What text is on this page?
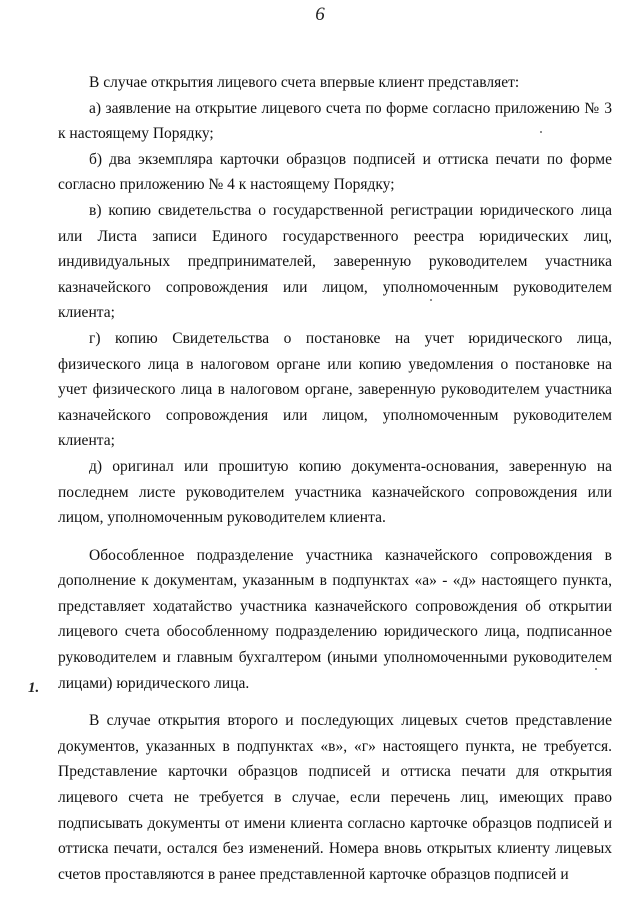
6

В случае открытия лицевого счета впервые клиент представляет:

а) заявление на открытие лицевого счета по форме согласно приложению № 3 к настоящему Порядку;

б) два экземпляра карточки образцов подписей и оттиска печати по форме согласно приложению № 4 к настоящему Порядку;

в) копию свидетельства о государственной регистрации юридического лица или Листа записи Единого государственного реестра юридических лиц, индивидуальных предпринимателей, заверенную руководителем участника казначейского сопровождения или лицом, уполномоченным руководителем клиента;

г) копию Свидетельства о постановке на учет юридического лица, физического лица в налоговом органе или копию уведомления о постановке на учет физического лица в налоговом органе, заверенную руководителем участника казначейского сопровождения или лицом, уполномоченным руководителем клиента;

д) оригинал или прошитую копию документа-основания, заверенную на последнем листе руководителем участника казначейского сопровождения или лицом, уполномоченным руководителем клиента.

Обособленное подразделение участника казначейского сопровождения в дополнение к документам, указанным в подпунктах «а» - «д» настоящего пункта, представляет ходатайство участника казначейского сопровождения об открытии лицевого счета обособленному подразделению юридического лица, подписанное руководителем и главным бухгалтером (иными уполномоченными руководителем лицами) юридического лица.

В случае открытия второго и последующих лицевых счетов представление документов, указанных в подпунктах «в», «г» настоящего пункта, не требуется. Представление карточки образцов подписей и оттиска печати для открытия лицевого счета не требуется в случае, если перечень лиц, имеющих право подписывать документы от имени клиента согласно карточке образцов подписей и оттиска печати, остался без изменений. Номера вновь открытых клиенту лицевых счетов проставляются в ранее представленной карточке образцов подписей и

1.
